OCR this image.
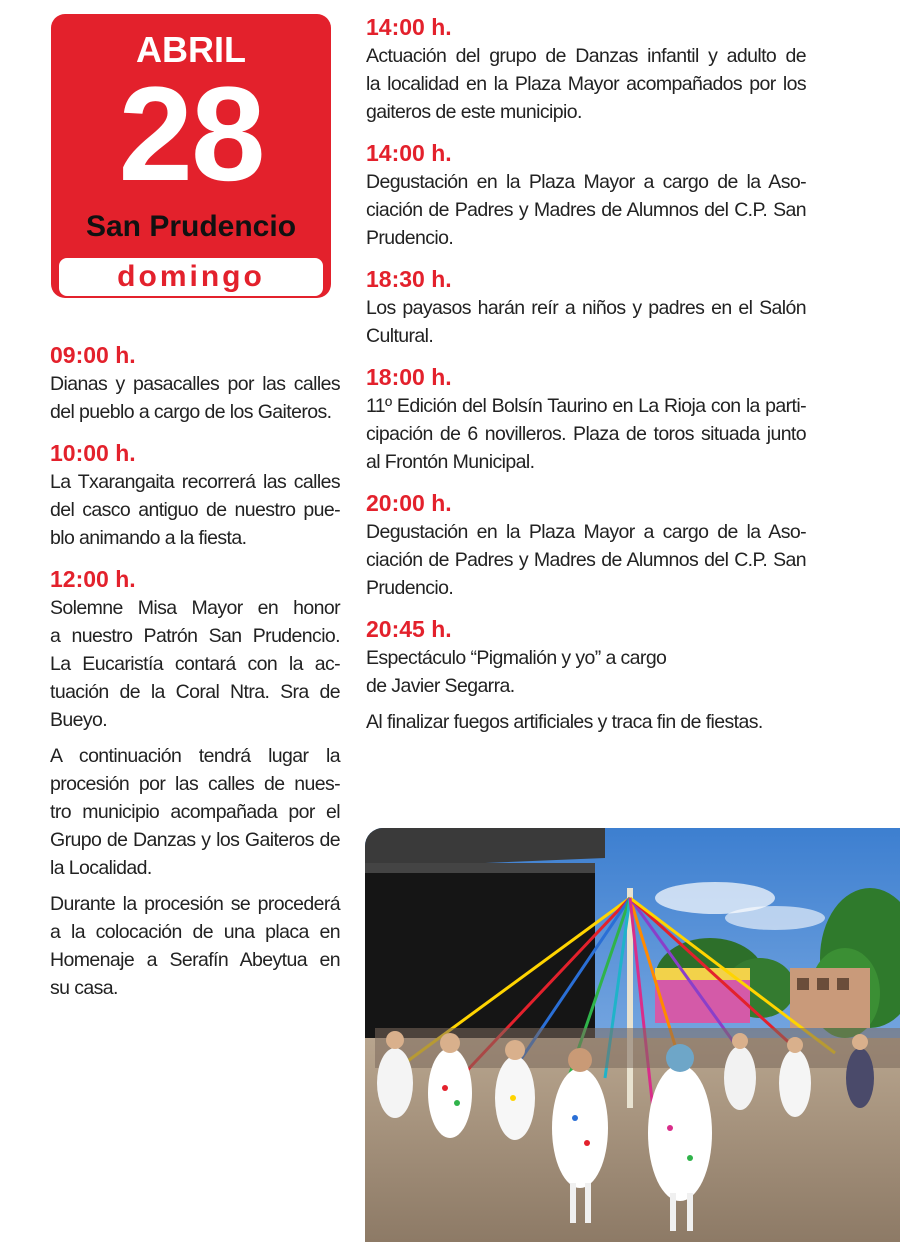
ABRIL
28
San Prudencio
domingo

09:00 h.

Dianas y pasacalles por las calles
del pueblo a cargo de los Gaiteros.

10:00 h.

La Txarangaita recorrerá las calles
del casco antiguo de nuestro pue-
blo animando a la fiesta.

12:00 h.

Solemne Misa Mayor en honor
a nuestro Patrón San Prudencio.
La Eucaristía contará con la ac-
tuación de la Coral Ntra. Sra de
Bueyo.

A continuación tendrá lugar la
procesión por las calles de nues-
tro municipio acompañada por el
Grupo de Danzas y los Gaiteros de
la Localidad.

Durante la procesión se procederá
a la colocación de una placa en
Homenaje a Serafín Abeytua en
su casa.

14:00 h.

Actuación del grupo de Danzas infantil y adulto de
la localidad en la Plaza Mayor acompañados por los
gaiteros de este municipio.

14:00 h.

Degustación en la Plaza Mayor a cargo de la Aso-
ciación de Padres y Madres de Alumnos del C.P. San
Prudencio.

18:30 h.

Los payasos harán reír a niños y padres en el Salón
Cultural.

18:00 h.

11º Edición del Bolsín Taurino en La Rioja con la parti-
cipación de 6 novilleros. Plaza de toros situada junto
al Frontón Municipal.

20:00 h.

Degustación en la Plaza Mayor a cargo de la Aso-
ciación de Padres y Madres de Alumnos del C.P. San
Prudencio.

20:45 h.

Espectáculo “Pigmalión y yo” a cargo
de Javier Segarra.

Al finalizar fuegos artificiales y traca fin de fiestas.
